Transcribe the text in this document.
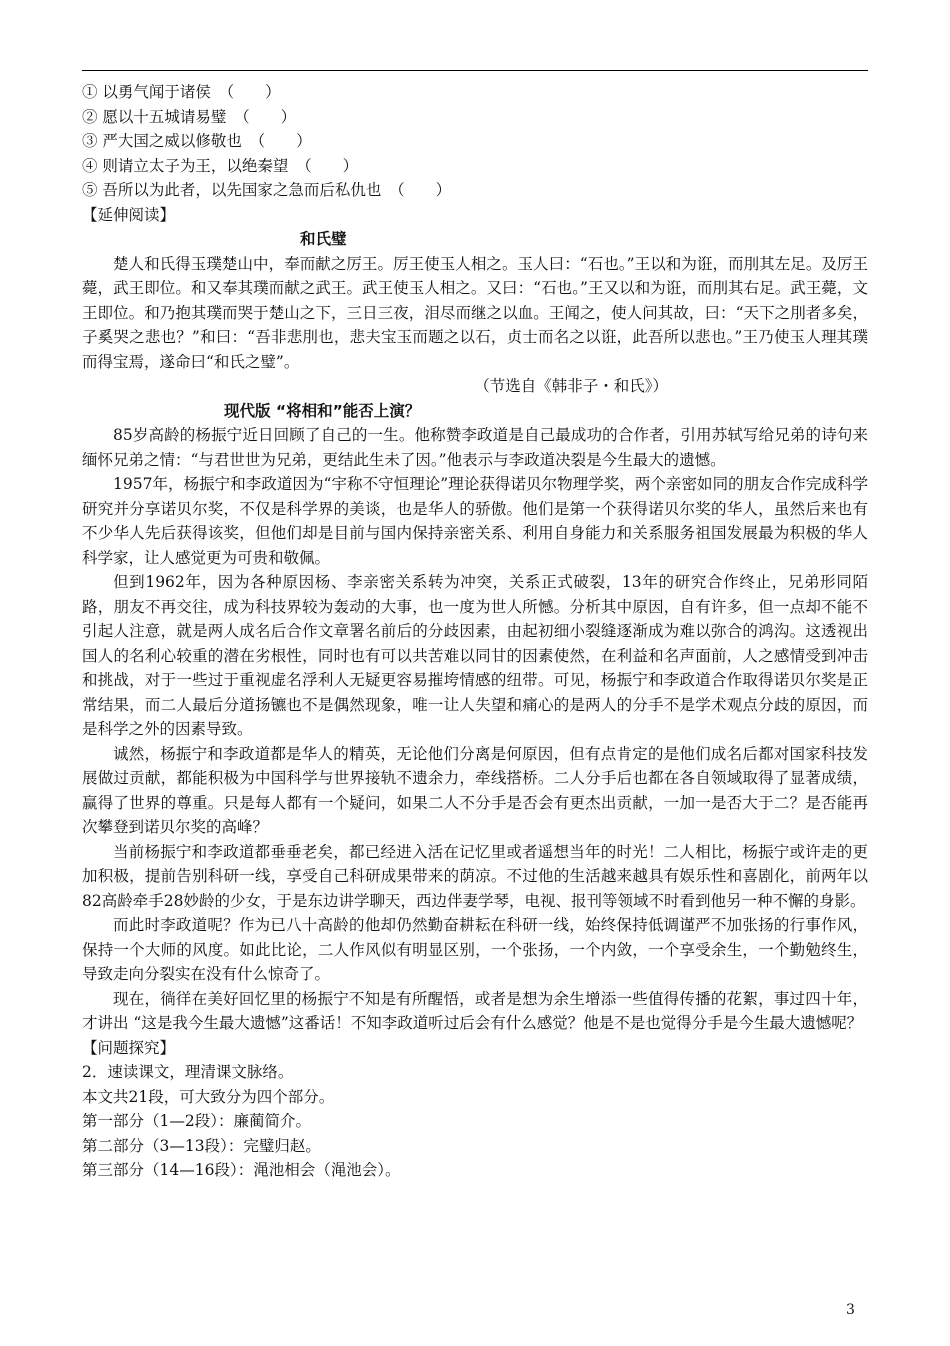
① 以勇气闻于诸侯　（　　）
② 愿以十五城请易璧　（　　）
③ 严大国之威以修敬也　（　　）
④ 则请立太子为王，以绝秦望　（　　）
⑤ 吾所以为此者，以先国家之急而后私仇也　（　　）
【延伸阅读】
和氏璧

楚人和氏得玉璞楚山中，奉而献之厉王。厉王使玉人相之。玉人曰：“石也。”王以和为诳，而刖其左足。及厉王薨，武王即位。和又奉其璞而献之武王。武王使玉人相之。又曰：“石也。”王又以和为诳，而刖其右足。武王薨，文王即位。和乃抱其璞而哭于楚山之下，三日三夜，泪尽而继之以血。王闻之，使人问其故，曰：“天下之刖者多矣，子奚哭之悲也？”和曰：“吾非悲刖也，悲夫宝玉而题之以石，贞士而名之以诳，此吾所以悲也。”王乃使玉人理其璞而得宝焉，遂命曰“和氏之璧”。

（节选自《韩非子・和氏》）
现代版 “将相和”能否上演？

85岁高龄的杨振宁近日回顾了自己的一生。他称赞李政道是自己最成功的合作者，引用苏轼写给兄弟的诗句来缅怀兄弟之情：“与君世世为兄弟，更结此生未了因。”他表示与李政道决裂是今生最大的遗憾。

1957年，杨振宁和李政道因为“宇称不守恒理论”理论获得诺贝尔物理学奖，两个亲密如同的朋友合作完成科学研究并分享诺贝尔奖，不仅是科学界的美谈，也是华人的骄傲。他们是第一个获得诺贝尔奖的华人，虽然后来也有不少华人先后获得该奖，但他们却是目前与国内保持亲密关系、利用自身能力和关系服务祖国发展最为积极的华人科学家，让人感觉更为可贵和敬佩。

但到1962年，因为各种原因杨、李亲密关系转为冲突，关系正式破裂，13年的研究合作终止，兄弟形同陌路，朋友不再交往，成为科技界较为轰动的大事，也一度为世人所憾。分析其中原因，自有许多，但一点却不能不引起人注意，就是两人成名后合作文章署名前后的分歧因素，由起初细小裂缝逐渐成为难以弥合的鸿沟。这透视出国人的名利心较重的潜在劣根性，同时也有可以共苦难以同甘的因素使然，在利益和名声面前，人之感情受到冲击和挑战，对于一些过于重视虚名浮利人无疑更容易摧垮情感的纽带。可见，杨振宁和李政道合作取得诺贝尔奖是正常结果，而二人最后分道扬镳也不是偶然现象，唯一让人失望和痛心的是两人的分手不是学术观点分歧的原因，而是科学之外的因素导致。

诚然，杨振宁和李政道都是华人的精英，无论他们分离是何原因，但有点肯定的是他们成名后都对国家科技发展做过贡献，都能积极为中国科学与世界接轨不遗余力，牵线搭桥。二人分手后也都在各自领域取得了显著成绩，赢得了世界的尊重。只是每人都有一个疑问，如果二人不分手是否会有更杰出贡献，一加一是否大于二？是否能再次攀登到诺贝尔奖的高峰？

当前杨振宁和李政道都垂垂老矣，都已经进入活在记忆里或者遥想当年的时光！二人相比，杨振宁或许走的更加积极，提前告别科研一线，享受自己科研成果带来的荫凉。不过他的生活越来越具有娱乐性和喜剧化，前两年以82高龄牵手28妙龄的少女，于是东边讲学聊天，西边伴妻学琴，电视、报刊等领域不时看到他另一种不懈的身影。

而此时李政道呢？作为已八十高龄的他却仍然勤奋耕耘在科研一线，始终保持低调谨严不加张扬的行事作风，保持一个大师的风度。如此比论，二人作风似有明显区别，一个张扬，一个内敛，一个享受余生，一个勤勉终生，导致走向分裂实在没有什么惊奇了。

现在，徜徉在美好回忆里的杨振宁不知是有所醒悟，或者是想为余生增添一些值得传播的花絮，事过四十年，才讲出 “这是我今生最大遗憾”这番话！不知李政道听过后会有什么感觉？他是不是也觉得分手是今生最大遗憾呢？

【问题探究】
2．速读课文，理清课文脉络。
本文共21段，可大致分为四个部分。
第一部分（1—2段）：廉蔺简介。
第二部分（3—13段）：完璧归赵。
第三部分（14—16段）：渑池相会（渑池会）。
3
